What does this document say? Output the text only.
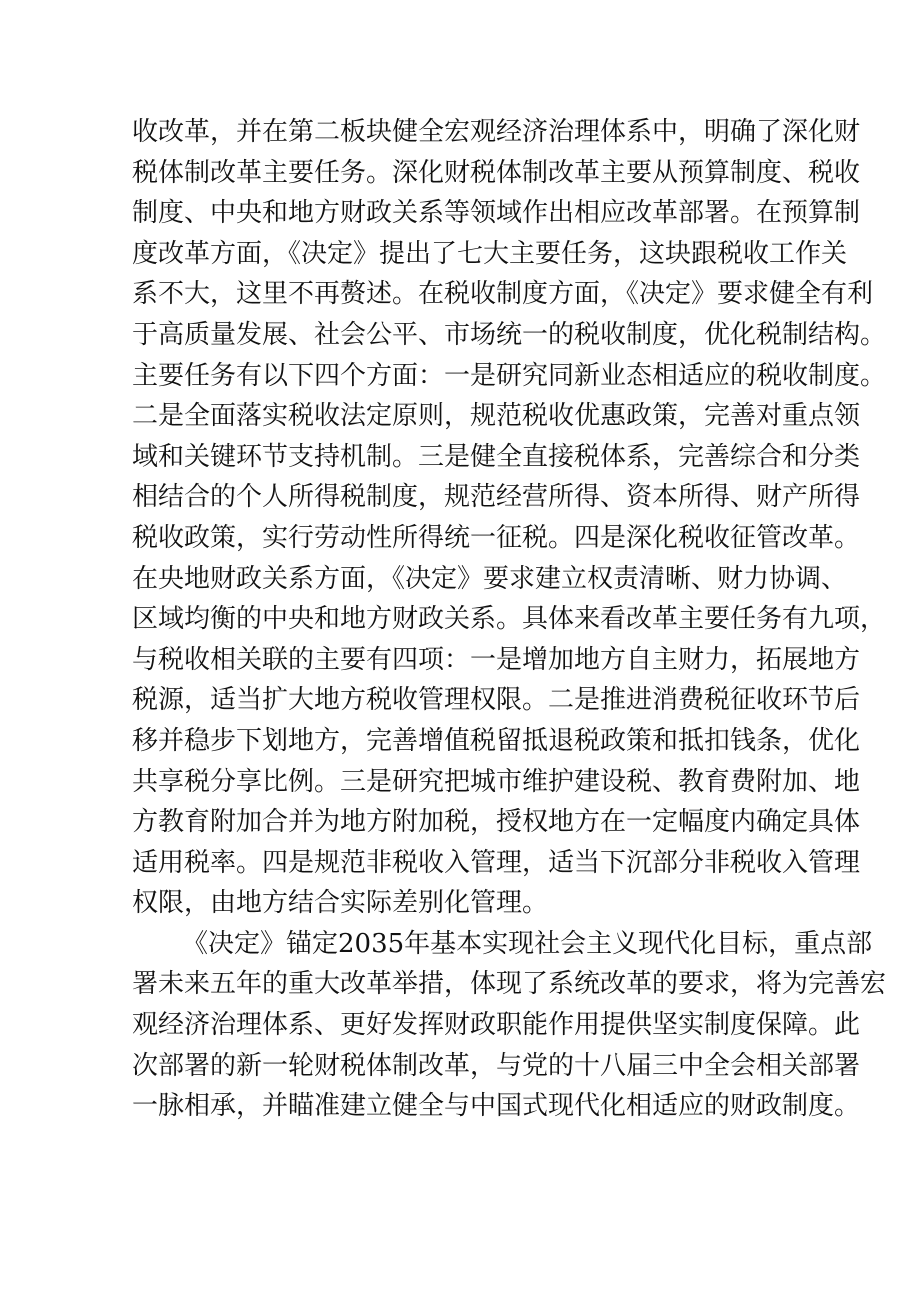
收改革，并在第二板块健全宏观经济治理体系中，明确了深化财

税体制改革主要任务。深化财税体制改革主要从预算制度、税收

制度、中央和地方财政关系等领域作出相应改革部署。在预算制

度改革方面，《决定》提出了七大主要任务，这块跟税收工作关

系不大，这里不再赘述。在税收制度方面，《决定》要求健全有利

于高质量发展、社会公平、市场统一的税收制度，优化税制结构。

主要任务有以下四个方面：一是研究同新业态相适应的税收制度。

二是全面落实税收法定原则，规范税收优惠政策，完善对重点领

域和关键环节支持机制。三是健全直接税体系，完善综合和分类

相结合的个人所得税制度，规范经营所得、资本所得、财产所得

税收政策，实行劳动性所得统一征税。四是深化税收征管改革。

在央地财政关系方面，《决定》要求建立权责清晰、财力协调、

区域均衡的中央和地方财政关系。具体来看改革主要任务有九项，

与税收相关联的主要有四项：一是增加地方自主财力，拓展地方

税源，适当扩大地方税收管理权限。二是推进消费税征收环节后

移并稳步下划地方，完善增值税留抵退税政策和抵扣钱条，优化

共享税分享比例。三是研究把城市维护建设税、教育费附加、地

方教育附加合并为地方附加税，授权地方在一定幅度内确定具体

适用税率。四是规范非税收入管理，适当下沉部分非税收入管理

权限，由地方结合实际差别化管理。

《决定》锚定2035年基本实现社会主义现代化目标，重点部

署未来五年的重大改革举措，体现了系统改革的要求，将为完善宏

观经济治理体系、更好发挥财政职能作用提供坚实制度保障。此

次部署的新一轮财税体制改革，与党的十八届三中全会相关部署

一脉相承，并瞄准建立健全与中国式现代化相适应的财政制度。
